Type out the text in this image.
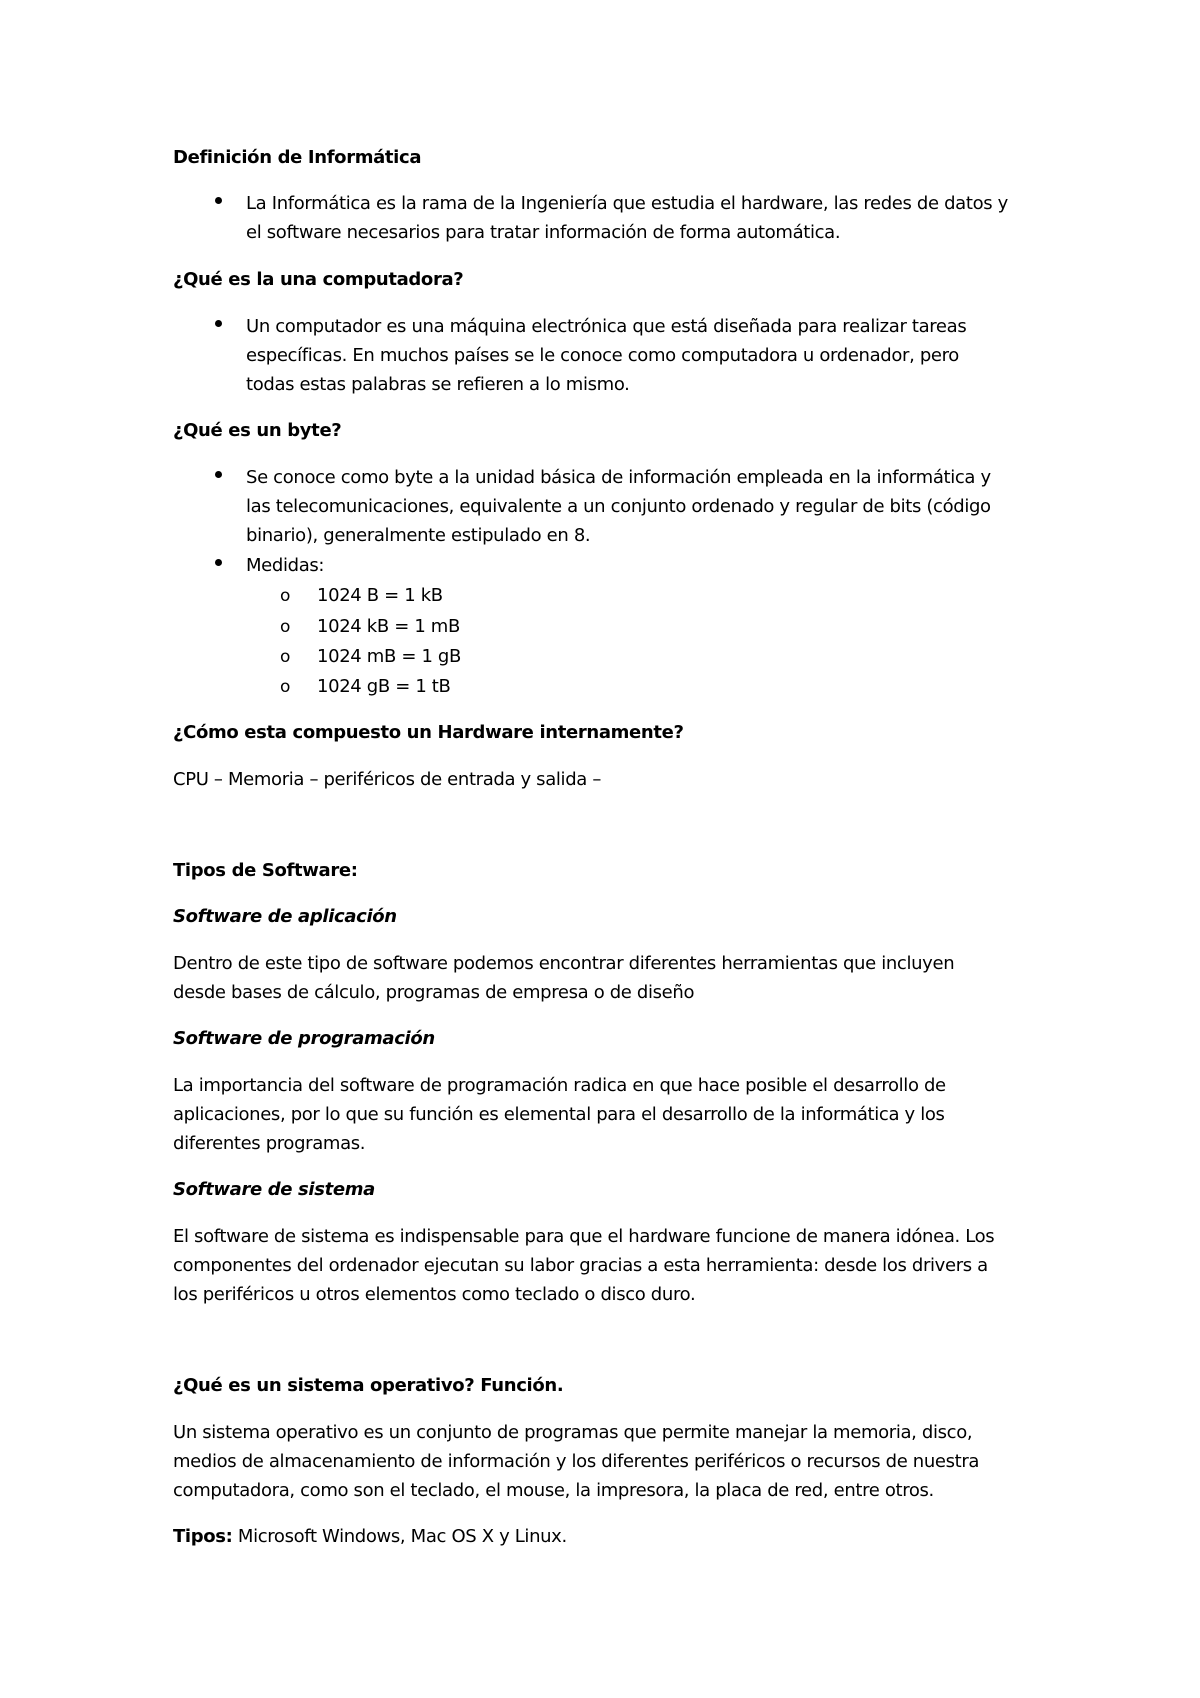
Definición de Informática
La Informática es la rama de la Ingeniería que estudia el hardware, las redes de datos y
el software necesarios para tratar información de forma automática.
¿Qué es la una computadora?
Un computador es una máquina electrónica que está diseñada para realizar tareas
específicas. En muchos países se le conoce como computadora u ordenador, pero
todas estas palabras se refieren a lo mismo.
¿Qué es un byte?
Se conoce como byte a la unidad básica de información empleada en la informática y
las telecomunicaciones, equivalente a un conjunto ordenado y regular de bits (código
binario), generalmente estipulado en 8.
Medidas:
o 1024 B = 1 kB
o 1024 kB = 1 mB
o 1024 mB = 1 gB
o 1024 gB = 1 tB
¿Cómo esta compuesto un Hardware internamente?
CPU – Memoria – periféricos de entrada y salida –
Tipos de Software:
Software de aplicación
Dentro de este tipo de software podemos encontrar diferentes herramientas que incluyen
desde bases de cálculo, programas de empresa o de diseño
Software de programación
La importancia del software de programación radica en que hace posible el desarrollo de
aplicaciones, por lo que su función es elemental para el desarrollo de la informática y los
diferentes programas.
Software de sistema
El software de sistema es indispensable para que el hardware funcione de manera idónea. Los
componentes del ordenador ejecutan su labor gracias a esta herramienta: desde los drivers a
los periféricos u otros elementos como teclado o disco duro.
¿Qué es un sistema operativo? Función.
Un sistema operativo es un conjunto de programas que permite manejar la memoria, disco,
medios de almacenamiento de información y los diferentes periféricos o recursos de nuestra
computadora, como son el teclado, el mouse, la impresora, la placa de red, entre otros.
Tipos: Microsoft Windows, Mac OS X y Linux.
